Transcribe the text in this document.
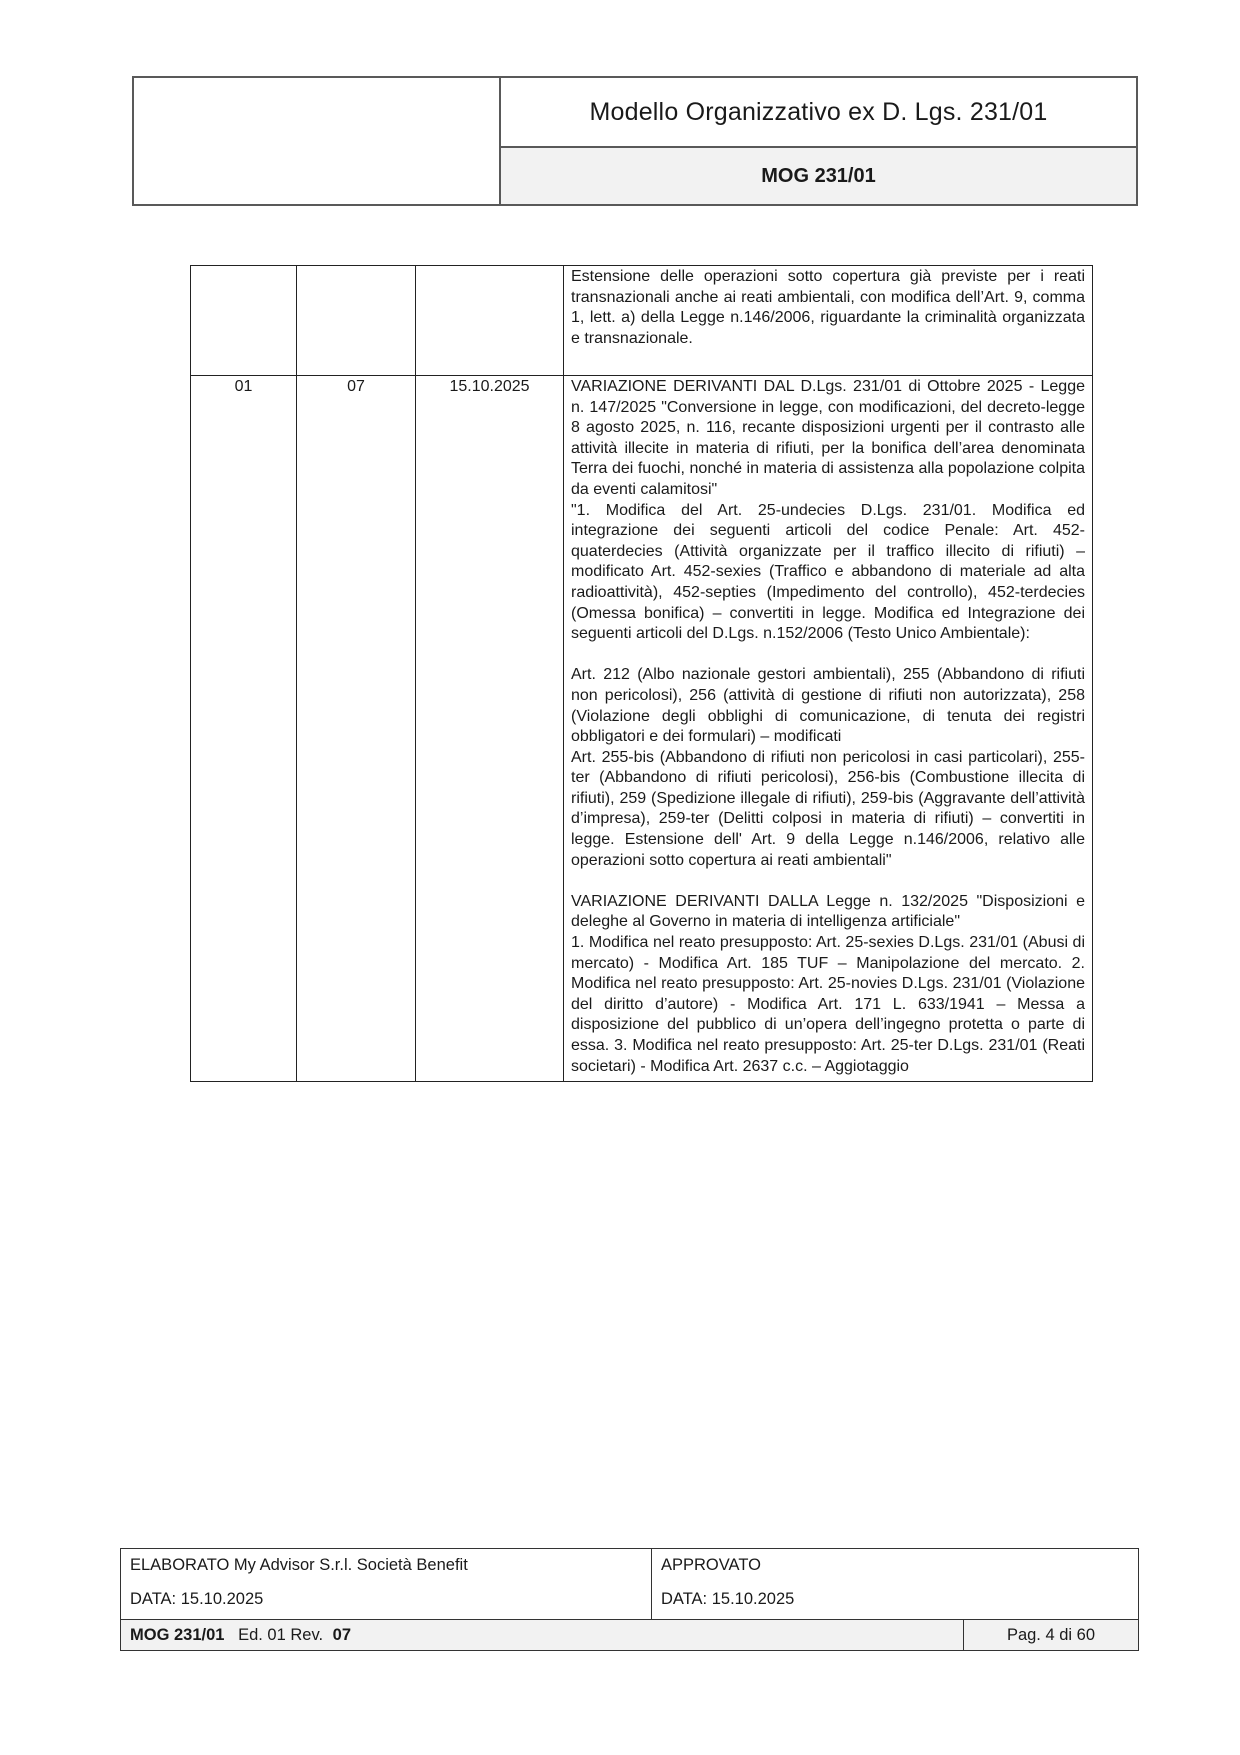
Modello Organizzativo ex D. Lgs. 231/01
MOG 231/01

			Estensione delle operazioni sotto copertura già previste per i reati transnazionali anche ai reati ambientali, con modifica dell’Art. 9, comma 1, lett. a) della Legge n.146/2006, riguardante la criminalità organizzata e transnazionale.

01	07	15.10.2025	VARIAZIONE DERIVANTI DAL D.Lgs. 231/01 di Ottobre 2025 - Legge n. 147/2025 "Conversione in legge, con modificazioni, del decreto-legge 8 agosto 2025, n. 116, recante disposizioni urgenti per il contrasto alle attività illecite in materia di rifiuti, per la bonifica dell’area denominata Terra dei fuochi, nonché in materia di assistenza alla popolazione colpita da eventi calamitosi"
"1. Modifica del Art. 25-undecies D.Lgs. 231/01. Modifica ed integrazione dei seguenti articoli del codice Penale: Art. 452-quaterdecies (Attività organizzate per il traffico illecito di rifiuti) – modificato Art. 452-sexies (Traffico e abbandono di materiale ad alta radioattività), 452-septies (Impedimento del controllo), 452-terdecies (Omessa bonifica) – convertiti in legge. Modifica ed Integrazione dei seguenti articoli del D.Lgs. n.152/2006 (Testo Unico Ambientale):
Art. 212 (Albo nazionale gestori ambientali), 255 (Abbandono di rifiuti non pericolosi), 256 (attività di gestione di rifiuti non autorizzata), 258 (Violazione degli obblighi di comunicazione, di tenuta dei registri obbligatori e dei formulari) – modificati
Art. 255-bis (Abbandono di rifiuti non pericolosi in casi particolari), 255-ter (Abbandono di rifiuti pericolosi), 256-bis (Combustione illecita di rifiuti), 259 (Spedizione illegale di rifiuti), 259-bis (Aggravante dell’attività d’impresa), 259-ter (Delitti colposi in materia di rifiuti) – convertiti in legge. Estensione dell' Art. 9 della Legge n.146/2006, relativo alle operazioni sotto copertura ai reati ambientali"
VARIAZIONE DERIVANTI DALLA Legge n. 132/2025 "Disposizioni e deleghe al Governo in materia di intelligenza artificiale"
1. Modifica nel reato presupposto: Art. 25-sexies D.Lgs. 231/01 (Abusi di mercato) - Modifica Art. 185 TUF – Manipolazione del mercato. 2. Modifica nel reato presupposto: Art. 25-novies D.Lgs. 231/01 (Violazione del diritto d’autore) - Modifica Art. 171 L. 633/1941 – Messa a disposizione del pubblico di un’opera dell’ingegno protetta o parte di essa. 3. Modifica nel reato presupposto: Art. 25-ter D.Lgs. 231/01 (Reati societari) - Modifica Art. 2637 c.c. – Aggiotaggio
ELABORATO My Advisor S.r.l. Società Benefit
DATA: 15.10.2025

APPROVATO
DATA: 15.10.2025

MOG 231/01 Ed. 01 Rev. 07		Pag. 4 di 60
